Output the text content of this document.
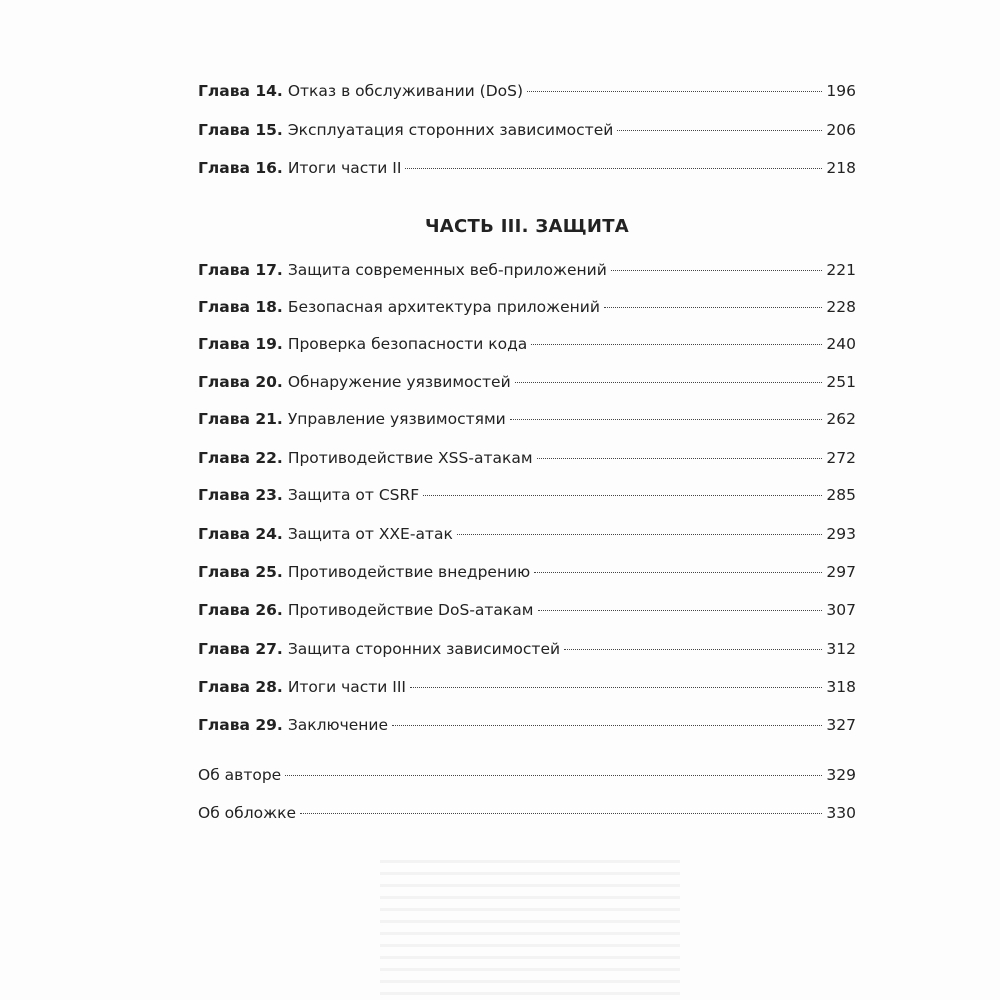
Глава 14. Отказ в обслуживании (DoS)	196
Глава 15. Эксплуатация сторонних зависимостей	206
Глава 16. Итоги части II	218
ЧАСТЬ III. ЗАЩИТА
Глава 17. Защита современных веб-приложений	221
Глава 18. Безопасная архитектура приложений	228
Глава 19. Проверка безопасности кода	240
Глава 20. Обнаружение уязвимостей	251
Глава 21. Управление уязвимостями	262
Глава 22. Противодействие XSS-атакам	272
Глава 23. Защита от CSRF	285
Глава 24. Защита от XXE-атак	293
Глава 25. Противодействие внедрению	297
Глава 26. Противодействие DoS-атакам	307
Глава 27. Защита сторонних зависимостей	312
Глава 28. Итоги части III	318
Глава 29. Заключение	327
Об авторе	329
Об обложке	330
